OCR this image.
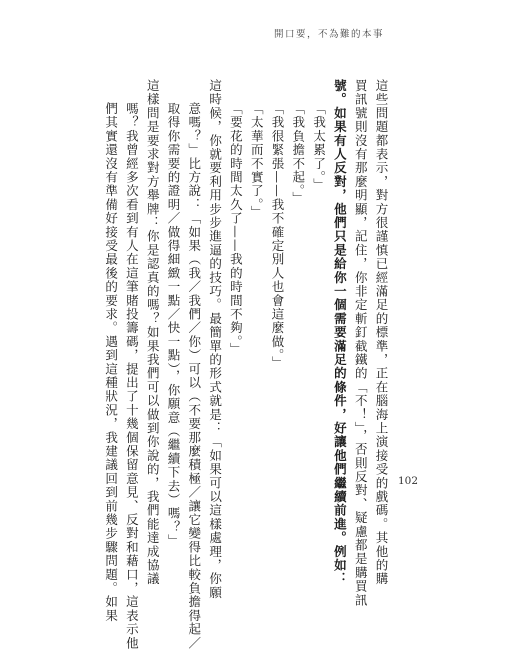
開口要，不為難的本事
這些問題都表示，對方很謹慎已經滿足的標準，正在腦海上演接受的戲碼。其他的購
買訊號則沒有那麼明顯，記住，你非定斬釘截鐵的「不！」，否則反對、疑慮都是購買訊
號。如果有人反對，他們只是給你一個需要滿足的條件，好讓他們繼續前進。例如：
「我太累了。」
「我負擔不起。」
「我很緊張——我不確定別人也會這麼做。」
「太華而不實了。」
「要花的時間太久了——我的時間不夠。」
這時候，你就要利用步步進逼的技巧。最簡單的形式就是：「如果可以這樣處理，你願
意嗎？」比方說：「如果（我／我們／你）可以（不要那麼積極／讓它變得比較負擔得起／
取得你需要的證明／做得細緻一點／快一點），你願意（繼續下去）嗎？」
這樣問是要求對方舉牌：你是認真的嗎？如果我們可以做到你說的，我們能達成協議
嗎？我曾經多次看到有人在這筆賭投籌碼，提出了十幾個保留意見、反對和藉口，這表示他
們其實還沒有準備好接受最後的要求。遇到這種狀況，我建議回到前幾步驟問題。如果	102
